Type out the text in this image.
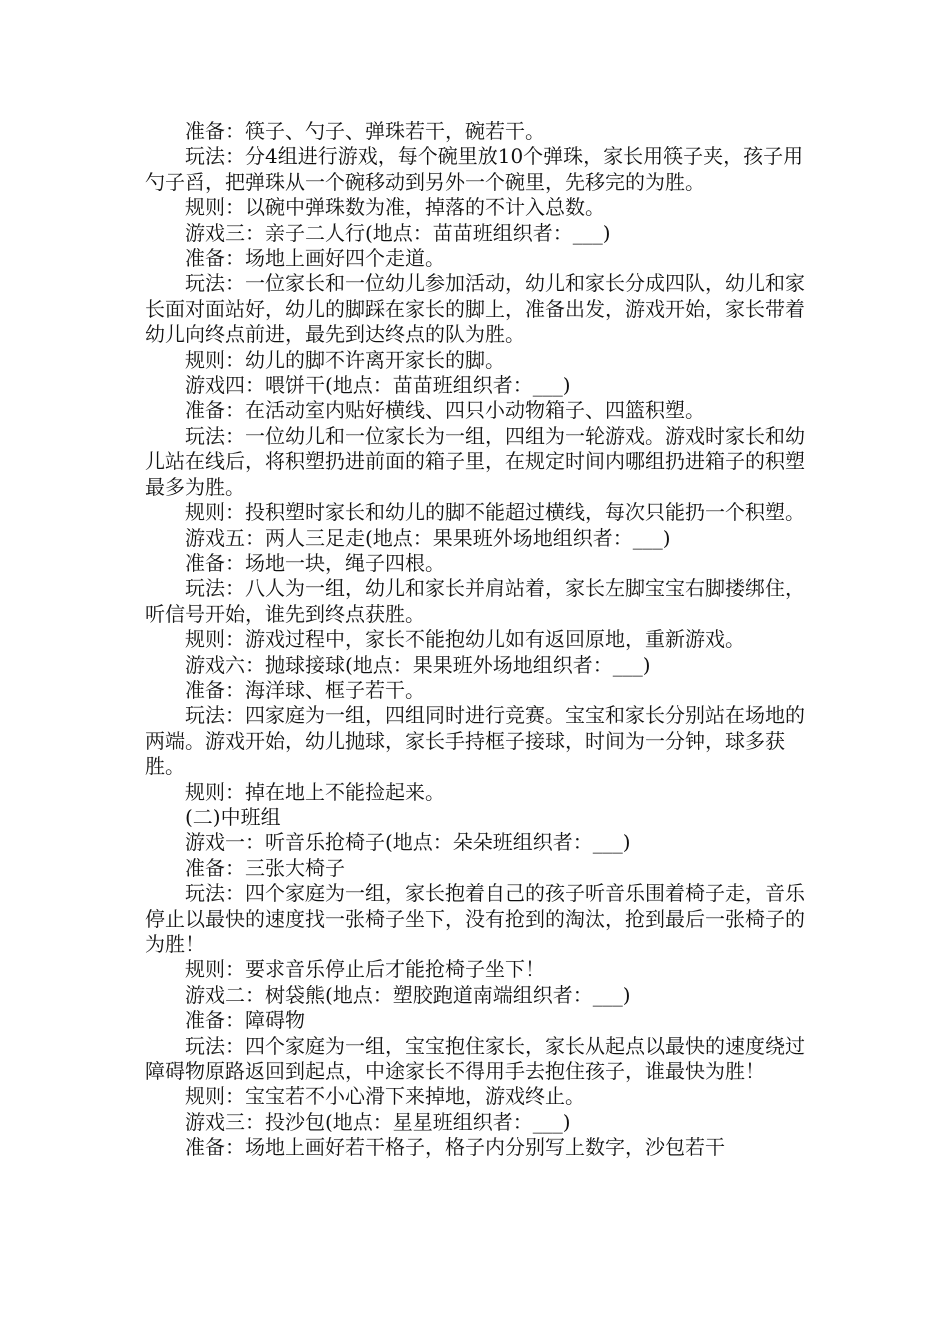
准备：筷子、勺子、弹珠若干，碗若干。

玩法：分4组进行游戏，每个碗里放10个弹珠，家长用筷子夹，孩子用勺子舀，把弹珠从一个碗移动到另外一个碗里，先移完的为胜。

规则：以碗中弹珠数为准，掉落的不计入总数。

游戏三：亲子二人行(地点：苗苗班组织者：___)

准备：场地上画好四个走道。

玩法：一位家长和一位幼儿参加活动，幼儿和家长分成四队，幼儿和家长面对面站好，幼儿的脚踩在家长的脚上，准备出发，游戏开始，家长带着幼儿向终点前进，最先到达终点的队为胜。

规则：幼儿的脚不许离开家长的脚。

游戏四：喂饼干(地点：苗苗班组织者：___)

准备：在活动室内贴好横线、四只小动物箱子、四篮积塑。

玩法：一位幼儿和一位家长为一组，四组为一轮游戏。游戏时家长和幼儿站在线后，将积塑扔进前面的箱子里，在规定时间内哪组扔进箱子的积塑最多为胜。

规则：投积塑时家长和幼儿的脚不能超过横线，每次只能扔一个积塑。

游戏五：两人三足走(地点：果果班外场地组织者：___)

准备：场地一块，绳子四根。

玩法：八人为一组，幼儿和家长并肩站着，家长左脚宝宝右脚搂绑住，听信号开始，谁先到终点获胜。

规则：游戏过程中，家长不能抱幼儿如有返回原地，重新游戏。

游戏六：抛球接球(地点：果果班外场地组织者：___)

准备：海洋球、框子若干。

玩法：四家庭为一组，四组同时进行竞赛。宝宝和家长分别站在场地的两端。游戏开始，幼儿抛球，家长手持框子接球，时间为一分钟，球多获胜。

规则：掉在地上不能捡起来。

(二)中班组

游戏一：听音乐抢椅子(地点：朵朵班组织者：___)

准备：三张大椅子

玩法：四个家庭为一组，家长抱着自己的孩子听音乐围着椅子走，音乐停止以最快的速度找一张椅子坐下，没有抢到的淘汰，抢到最后一张椅子的为胜！

规则：要求音乐停止后才能抢椅子坐下！

游戏二：树袋熊(地点：塑胶跑道南端组织者：___)

准备：障碍物

玩法：四个家庭为一组，宝宝抱住家长，家长从起点以最快的速度绕过障碍物原路返回到起点，中途家长不得用手去抱住孩子，谁最快为胜！

规则：宝宝若不小心滑下来掉地，游戏终止。

游戏三：投沙包(地点：星星班组织者：___)

准备：场地上画好若干格子，格子内分别写上数字，沙包若干
